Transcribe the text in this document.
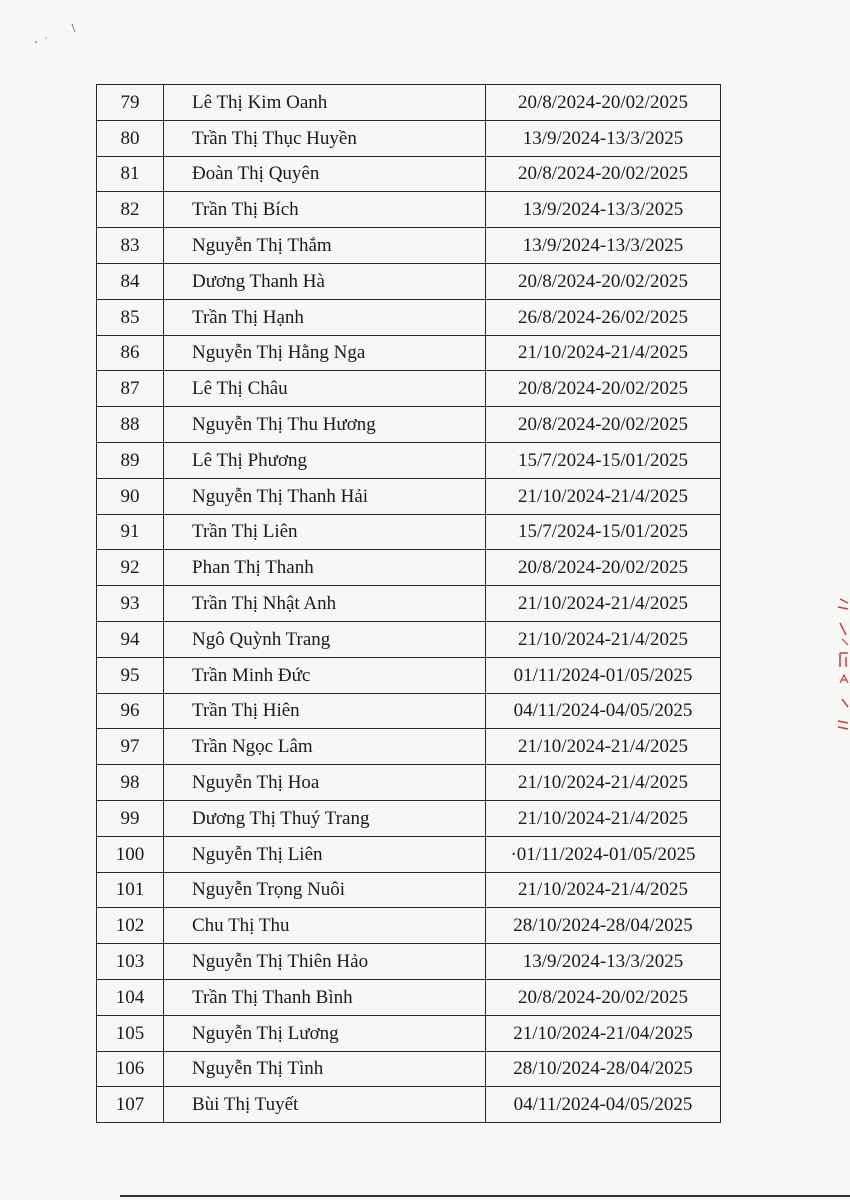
79	Lê Thị Kim Oanh	20/8/2024-20/02/2025
80	Trần Thị Thục Huyền	13/9/2024-13/3/2025
81	Đoàn Thị Quyên	20/8/2024-20/02/2025
82	Trần Thị Bích	13/9/2024-13/3/2025
83	Nguyễn Thị Thắm	13/9/2024-13/3/2025
84	Dương Thanh Hà	20/8/2024-20/02/2025
85	Trần Thị Hạnh	26/8/2024-26/02/2025
86	Nguyễn Thị Hằng Nga	21/10/2024-21/4/2025
87	Lê Thị Châu	20/8/2024-20/02/2025
88	Nguyễn Thị Thu Hương	20/8/2024-20/02/2025
89	Lê Thị Phương	15/7/2024-15/01/2025
90	Nguyễn Thị Thanh Hải	21/10/2024-21/4/2025
91	Trần Thị Liên	15/7/2024-15/01/2025
92	Phan Thị Thanh	20/8/2024-20/02/2025
93	Trần Thị Nhật Anh	21/10/2024-21/4/2025
94	Ngô Quỳnh Trang	21/10/2024-21/4/2025
95	Trần Minh Đức	01/11/2024-01/05/2025
96	Trần Thị Hiên	04/11/2024-04/05/2025
97	Trần Ngọc Lâm	21/10/2024-21/4/2025
98	Nguyễn Thị Hoa	21/10/2024-21/4/2025
99	Dương Thị Thuý Trang	21/10/2024-21/4/2025
100	Nguyễn Thị Liên	·01/11/2024-01/05/2025
101	Nguyễn Trọng Nuôi	21/10/2024-21/4/2025
102	Chu Thị Thu	28/10/2024-28/04/2025
103	Nguyễn Thị Thiên Hảo	13/9/2024-13/3/2025
104	Trần Thị Thanh Bình	20/8/2024-20/02/2025
105	Nguyễn Thị Lương	21/10/2024-21/04/2025
106	Nguyễn Thị Tình	28/10/2024-28/04/2025
107	Bùi Thị Tuyết	04/11/2024-04/05/2025
